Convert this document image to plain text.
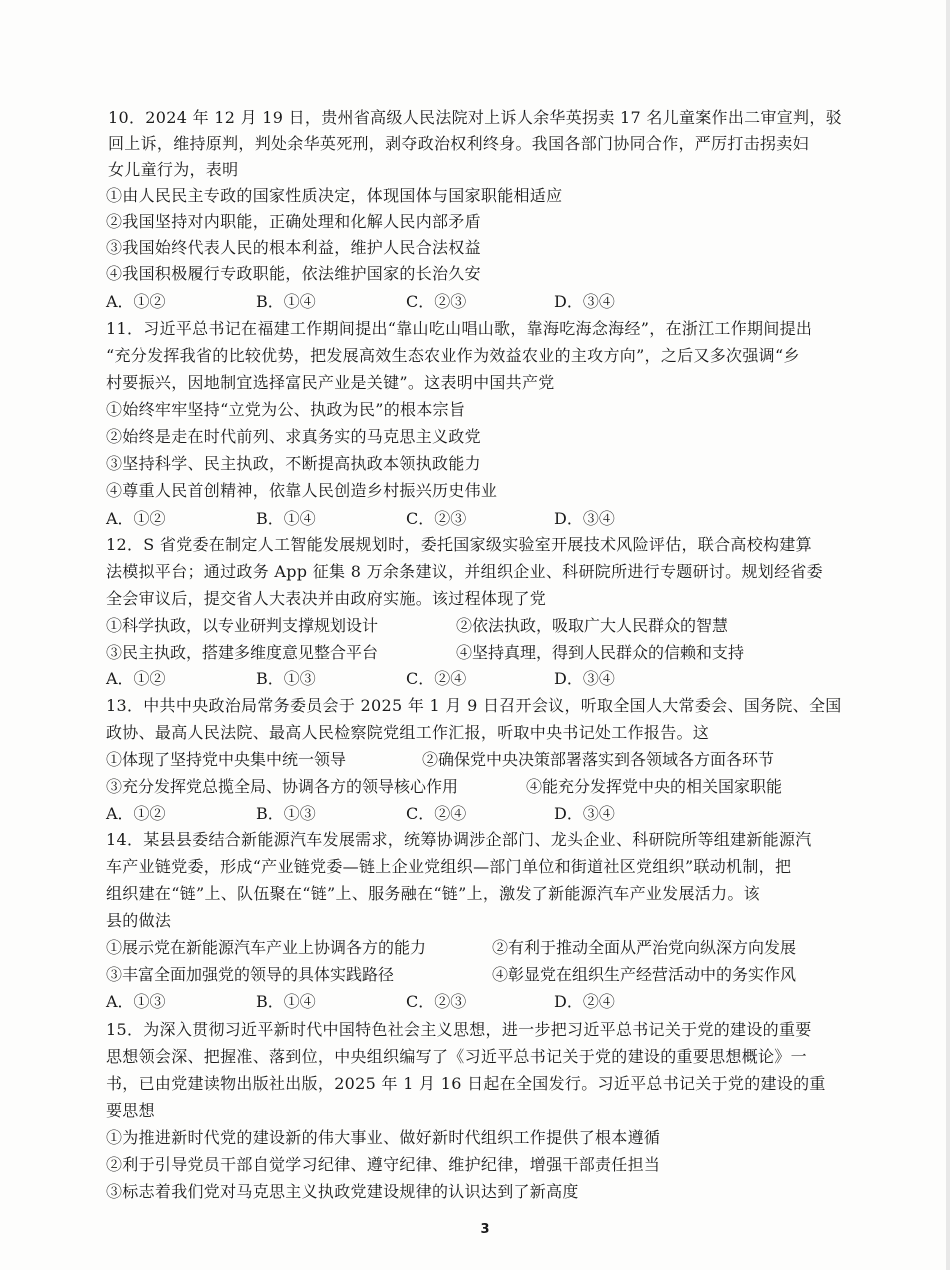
10．2024 年 12 月 19 日，贵州省高级人民法院对上诉人余华英拐卖 17 名儿童案作出二审宣判，驳
回上诉，维持原判，判处余华英死刑，剥夺政治权利终身。我国各部门协同合作，严厉打击拐卖妇
女儿童行为，表明
①由人民民主专政的国家性质决定，体现国体与国家职能相适应
②我国坚持对内职能，正确处理和化解人民内部矛盾
③我国始终代表人民的根本利益，维护人民合法权益
④我国积极履行专政职能，依法维护国家的长治久安
A．①②	B．①④	C．②③	D．③④
11．习近平总书记在福建工作期间提出“靠山吃山唱山歌，靠海吃海念海经”，在浙江工作期间提出
“充分发挥我省的比较优势，把发展高效生态农业作为效益农业的主攻方向”，之后又多次强调“乡
村要振兴，因地制宜选择富民产业是关键”。这表明中国共产党
①始终牢牢坚持“立党为公、执政为民”的根本宗旨
②始终是走在时代前列、求真务实的马克思主义政党
③坚持科学、民主执政，不断提高执政本领执政能力
④尊重人民首创精神，依靠人民创造乡村振兴历史伟业
A．①②	B．①④	C．②③	D．③④
12．S 省党委在制定人工智能发展规划时，委托国家级实验室开展技术风险评估，联合高校构建算
法模拟平台；通过政务 App 征集 8 万余条建议，并组织企业、科研院所进行专题研讨。规划经省委
全会审议后，提交省人大表决并由政府实施。该过程体现了党
①科学执政，以专业研判支撑规划设计	②依法执政，吸取广大人民群众的智慧
③民主执政，搭建多维度意见整合平台	④坚持真理，得到人民群众的信赖和支持
A．①②	B．①③	C．②④	D．③④
13．中共中央政治局常务委员会于 2025 年 1 月 9 日召开会议，听取全国人大常委会、国务院、全国
政协、最高人民法院、最高人民检察院党组工作汇报，听取中央书记处工作报告。这
①体现了坚持党中央集中统一领导	②确保党中央决策部署落实到各领域各方面各环节
③充分发挥党总揽全局、协调各方的领导核心作用	④能充分发挥党中央的相关国家职能
A．①②	B．①③	C．②④	D．③④
14．某县县委结合新能源汽车发展需求，统筹协调涉企部门、龙头企业、科研院所等组建新能源汽
车产业链党委，形成“产业链党委—链上企业党组织—部门单位和街道社区党组织”联动机制，把
组织建在“链”上、队伍聚在“链”上、服务融在“链”上，激发了新能源汽车产业发展活力。该
县的做法
①展示党在新能源汽车产业上协调各方的能力	②有利于推动全面从严治党向纵深方向发展
③丰富全面加强党的领导的具体实践路径	④彰显党在组织生产经营活动中的务实作风
A．①③	B．①④	C．②③	D．②④
15．为深入贯彻习近平新时代中国特色社会主义思想，进一步把习近平总书记关于党的建设的重要
思想领会深、把握准、落到位，中央组织编写了《习近平总书记关于党的建设的重要思想概论》一
书，已由党建读物出版社出版，2025 年 1 月 16 日起在全国发行。习近平总书记关于党的建设的重
要思想
①为推进新时代党的建设新的伟大事业、做好新时代组织工作提供了根本遵循
②利于引导党员干部自觉学习纪律、遵守纪律、维护纪律，增强干部责任担当
③标志着我们党对马克思主义执政党建设规律的认识达到了新高度
3
